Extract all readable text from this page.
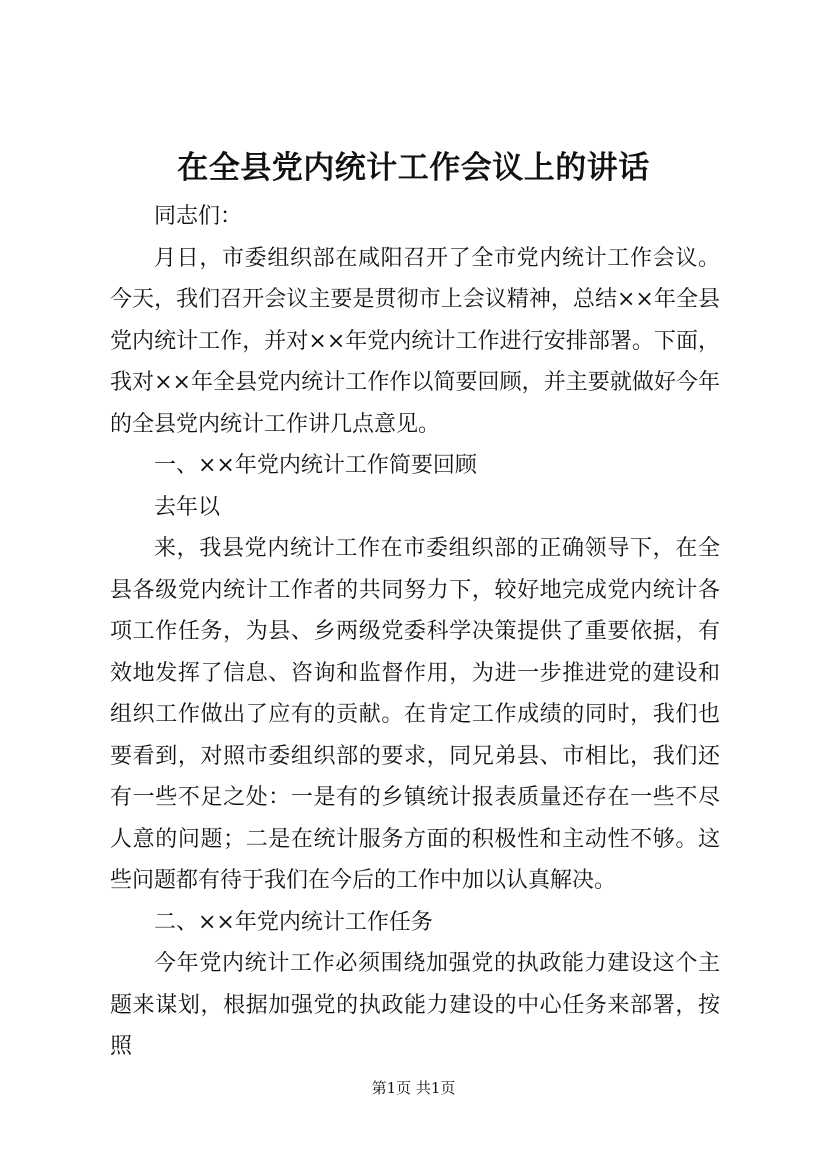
在全县党内统计工作会议上的讲话

同志们：

月日，市委组织部在咸阳召开了全市党内统计工作会议。今天，我们召开会议主要是贯彻市上会议精神，总结××年全县党内统计工作，并对××年党内统计工作进行安排部署。下面，我对××年全县党内统计工作作以简要回顾，并主要就做好今年的全县党内统计工作讲几点意见。

一、××年党内统计工作简要回顾

去年以

来，我县党内统计工作在市委组织部的正确领导下，在全县各级党内统计工作者的共同努力下，较好地完成党内统计各项工作任务，为县、乡两级党委科学决策提供了重要依据，有效地发挥了信息、咨询和监督作用，为进一步推进党的建设和组织工作做出了应有的贡献。在肯定工作成绩的同时，我们也要看到，对照市委组织部的要求，同兄弟县、市相比，我们还有一些不足之处：一是有的乡镇统计报表质量还存在一些不尽人意的问题；二是在统计服务方面的积极性和主动性不够。这些问题都有待于我们在今后的工作中加以认真解决。

二、××年党内统计工作任务

今年党内统计工作必须围绕加强党的执政能力建设这个主题来谋划，根据加强党的执政能力建设的中心任务来部署，按照

第1页 共1页
